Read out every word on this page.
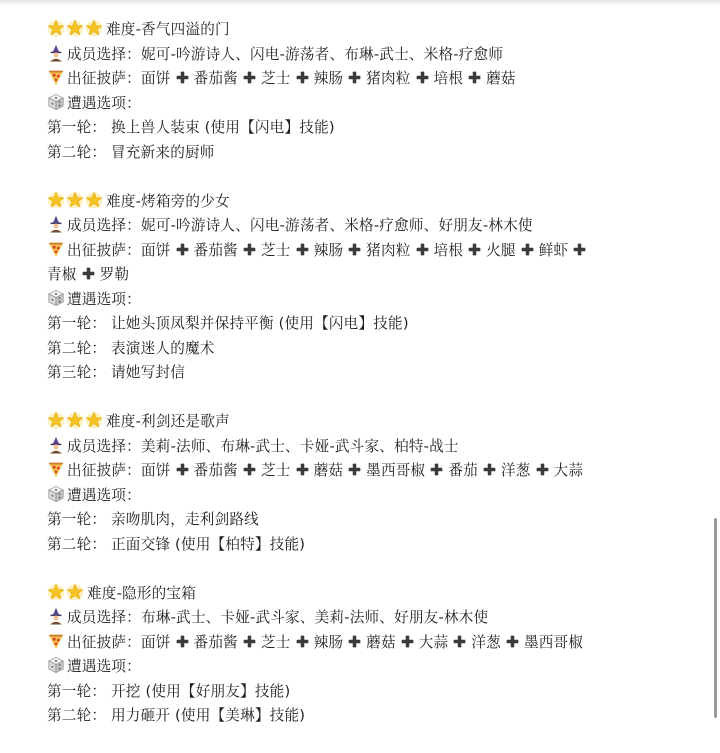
难度-香气四溢的门
成员选择：妮可-吟游诗人、闪电-游荡者、布琳-武士、米格-疗愈师
出征披萨：面饼 番茄酱 芝士 辣肠 猪肉粒 培根 蘑菇
遭遇选项：
第一轮： 换上兽人装束 (使用【闪电】技能)
第二轮： 冒充新来的厨师
难度-烤箱旁的少女
成员选择：妮可-吟游诗人、闪电-游荡者、米格-疗愈师、好朋友-林木使
出征披萨：面饼 番茄酱 芝士 辣肠 猪肉粒 培根 火腿 鲜虾
青椒 罗勒
遭遇选项：
第一轮： 让她头顶凤梨并保持平衡 (使用【闪电】技能)
第二轮： 表演迷人的魔术
第三轮： 请她写封信
难度-利剑还是歌声
成员选择：美莉-法师、布琳-武士、卡娅-武斗家、柏特-战士
出征披萨：面饼 番茄酱 芝士 蘑菇 墨西哥椒 番茄 洋葱 大蒜
遭遇选项：
第一轮： 亲吻肌肉，走利剑路线
第二轮： 正面交锋 (使用【柏特】技能)
难度-隐形的宝箱
成员选择：布琳-武士、卡娅-武斗家、美莉-法师、好朋友-林木使
出征披萨：面饼 番茄酱 芝士 辣肠 蘑菇 大蒜 洋葱 墨西哥椒
遭遇选项：
第一轮： 开挖 (使用【好朋友】技能)
第二轮： 用力砸开 (使用【美琳】技能)
